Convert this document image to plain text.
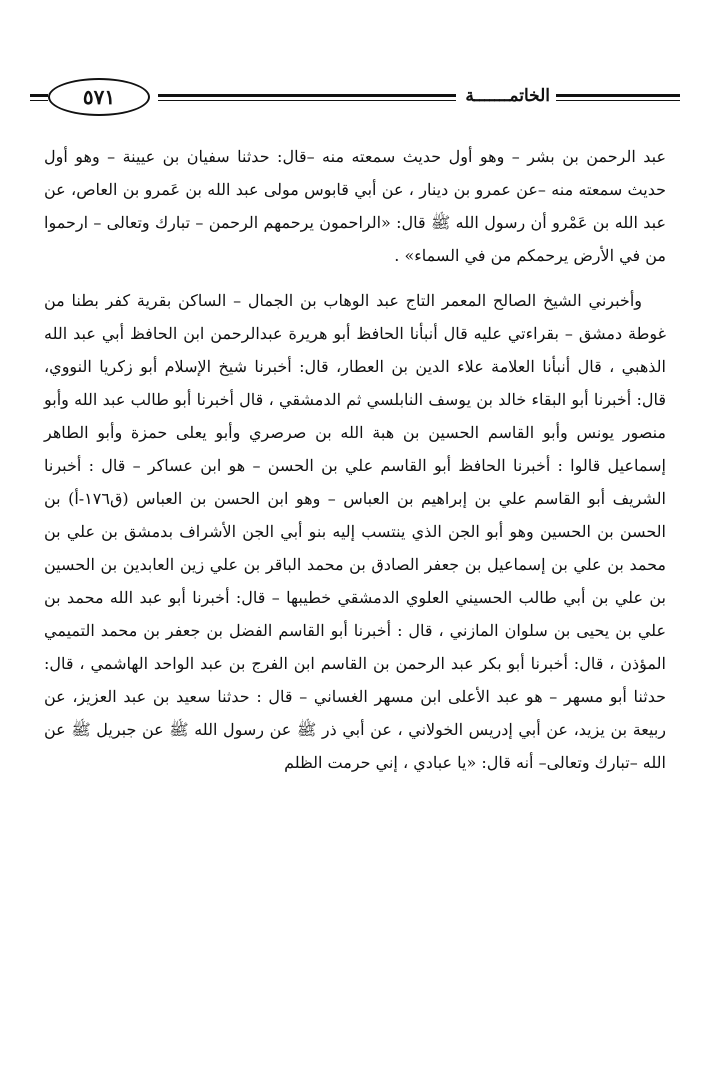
٥٧١	الخاتمـــــــة

عبد الرحمن بن بشر – وهو أول حديث سمعته منه –قال: حدثنا سفيان بن عيينة – وهو أول حديث سمعته منه –عن عمرو بن دينار ، عن أبي قابوس مولى عبد الله بن عَمرو بن العاص، عن عبد الله بن عَمْرو أن رسول الله ﷺ قال: «الراحمون يرحمهم الرحمن – تبارك وتعالى – ارحموا من في الأرض يرحمكم من في السماء» .

وأخبرني الشيخ الصالح المعمر التاج عبد الوهاب بن الجمال – الساكن بقرية كفر بطنا من غوطة دمشق – بقراءتي عليه قال أنبأنا الحافظ أبو هريرة عبدالرحمن ابن الحافظ أبي عبد الله الذهبي ، قال أنبأنا العلامة علاء الدين بن العطار، قال: أخبرنا شيخ الإسلام أبو زكريا النووي، قال: أخبرنا أبو البقاء خالد بن يوسف النابلسي ثم الدمشقي ، قال أخبرنا أبو طالب عبد الله وأبو منصور يونس وأبو القاسم الحسين بن هبة الله بن صرصري وأبو يعلى حمزة وأبو الطاهر إسماعيل قالوا : أخبرنا الحافظ أبو القاسم علي بن الحسن – هو ابن عساكر – قال : أخبرنا الشريف أبو القاسم علي بن إبراهيم بن العباس – وهو ابن الحسن بن العباس (ق١٧٦-أ) بن الحسن بن الحسين وهو أبو الجن الذي ينتسب إليه بنو أبي الجن الأشراف بدمشق بن علي بن محمد بن علي بن إسماعيل بن جعفر الصادق بن محمد الباقر بن علي زين العابدين بن الحسين بن علي بن أبي طالب الحسيني العلوي الدمشقي خطيبها – قال: أخبرنا أبو عبد الله محمد بن علي بن يحيى بن سلوان المازني ، قال : أخبرنا أبو القاسم الفضل بن جعفر بن محمد التميمي المؤذن ، قال: أخبرنا أبو بكر عبد الرحمن بن القاسم ابن الفرج بن عبد الواحد الهاشمي ، قال: حدثنا أبو مسهر – هو عبد الأعلى ابن مسهر الغساني – قال : حدثنا سعيد بن عبد العزيز، عن ربيعة بن يزيد، عن أبي إدريس الخولاني ، عن أبي ذر ﷺ عن رسول الله ﷺ عن جبريل ﷺ عن الله –تبارك وتعالى– أنه قال: «يا عبادي ، إني حرمت الظلم
